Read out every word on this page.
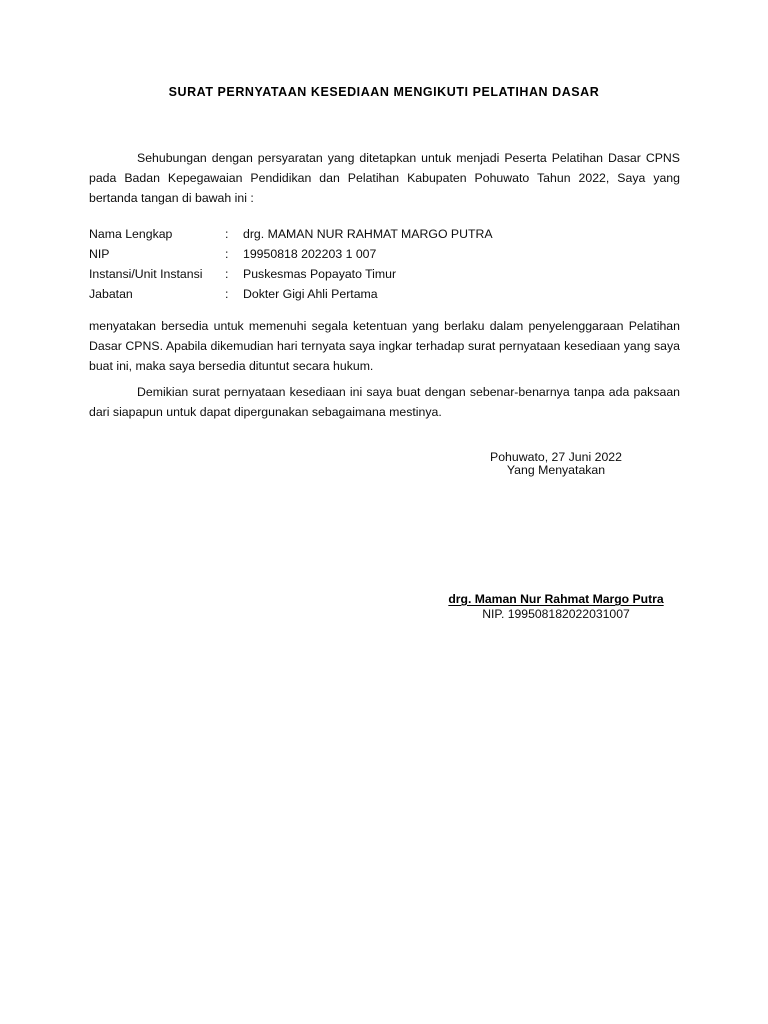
SURAT PERNYATAAN KESEDIAAN MENGIKUTI PELATIHAN DASAR
Sehubungan dengan persyaratan yang ditetapkan untuk menjadi Peserta Pelatihan Dasar CPNS pada Badan Kepegawaian Pendidikan dan Pelatihan Kabupaten Pohuwato Tahun 2022, Saya yang bertanda tangan di bawah ini :
Nama Lengkap	:	drg. MAMAN NUR RAHMAT MARGO PUTRA
NIP	:	19950818 202203 1 007
Instansi/Unit Instansi	:	Puskesmas Popayato Timur
Jabatan	:	Dokter Gigi Ahli Pertama
menyatakan bersedia untuk memenuhi segala ketentuan yang berlaku dalam penyelenggaraan Pelatihan Dasar CPNS. Apabila dikemudian hari ternyata saya ingkar terhadap surat pernyataan kesediaan yang saya buat ini, maka saya bersedia dituntut secara hukum.
Demikian surat pernyataan kesediaan ini saya buat dengan sebenar-benarnya tanpa ada paksaan dari siapapun untuk dapat dipergunakan sebagaimana mestinya.
Pohuwato, 27 Juni 2022
Yang Menyatakan
drg. Maman Nur Rahmat Margo Putra
NIP. 199508182022031007
